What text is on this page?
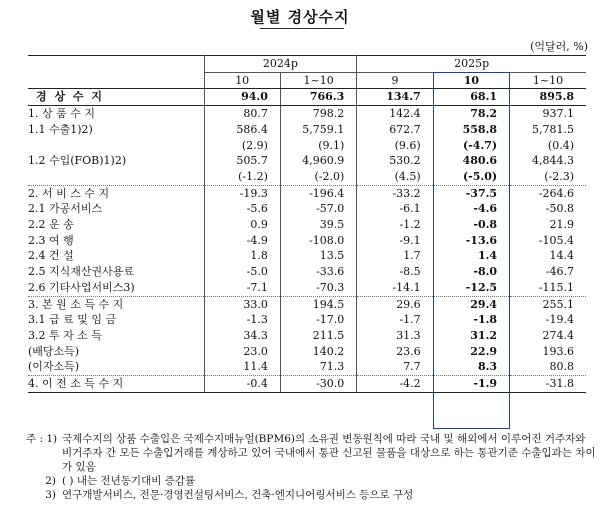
월별 경상수지
(억달러, %)
	2024p		2025p		
	10	1~10	9	10	1~10
경 상 수 지	94.0	766.3	134.7	68.1	895.8
1. 상 품 수 지	80.7	798.2	142.4	78.2	937.1
1.1 수출1)2)	586.4	5,759.1	672.7	558.8	5,781.5
	(2.9)	(9.1)	(9.6)	(-4.7)	(0.4)
1.2 수입(FOB)1)2)	505.7	4,960.9	530.2	480.6	4,844.3
	(-1.2)	(-2.0)	(4.5)	(-5.0)	(-2.3)
2. 서 비 스 수 지	-19.3	-196.4	-33.2	-37.5	-264.6
2.1 가공서비스	-5.6	-57.0	-6.1	-4.6	-50.8
2.2 운 송	0.9	39.5	-1.2	-0.8	21.9
2.3 여 행	-4.9	-108.0	-9.1	-13.6	-105.4
2.4 건 설	1.8	13.5	1.7	1.4	14.4
2.5 지식재산권사용료	-5.0	-33.6	-8.5	-8.0	-46.7
2.6 기타사업서비스3)	-7.1	-70.3	-14.1	-12.5	-115.1
3. 본 원 소 득 수 지	33.0	194.5	29.6	29.4	255.1
3.1 급 료 및 임 금	-1.3	-17.0	-1.7	-1.8	-19.4
3.2 투 자 소 득	34.3	211.5	31.3	31.2	274.4
(배당소득)	23.0	140.2	23.6	22.9	193.6
(이자소득)	11.4	71.3	7.7	8.3	80.8
4. 이 전 소 득 수 지	-0.4	-30.0	-4.2	-1.9	-31.8
주 : 1) 국제수지의 상품 수출입은 국제수지매뉴얼(BPM6)의 소유권 변동원칙에 따라 국내 및 해외에서 이루어진 거주자와 비거주자 간 모든 수출입거래를 계상하고 있어 국내에서 통관 신고된 물품을 대상으로 하는 통관기준 수출입과는 차이가 있음
2) ( ) 내는 전년동기대비 증감률
3) 연구개발서비스, 전문·경영컨설팅서비스, 건축·엔지니어링서비스 등으로 구성
